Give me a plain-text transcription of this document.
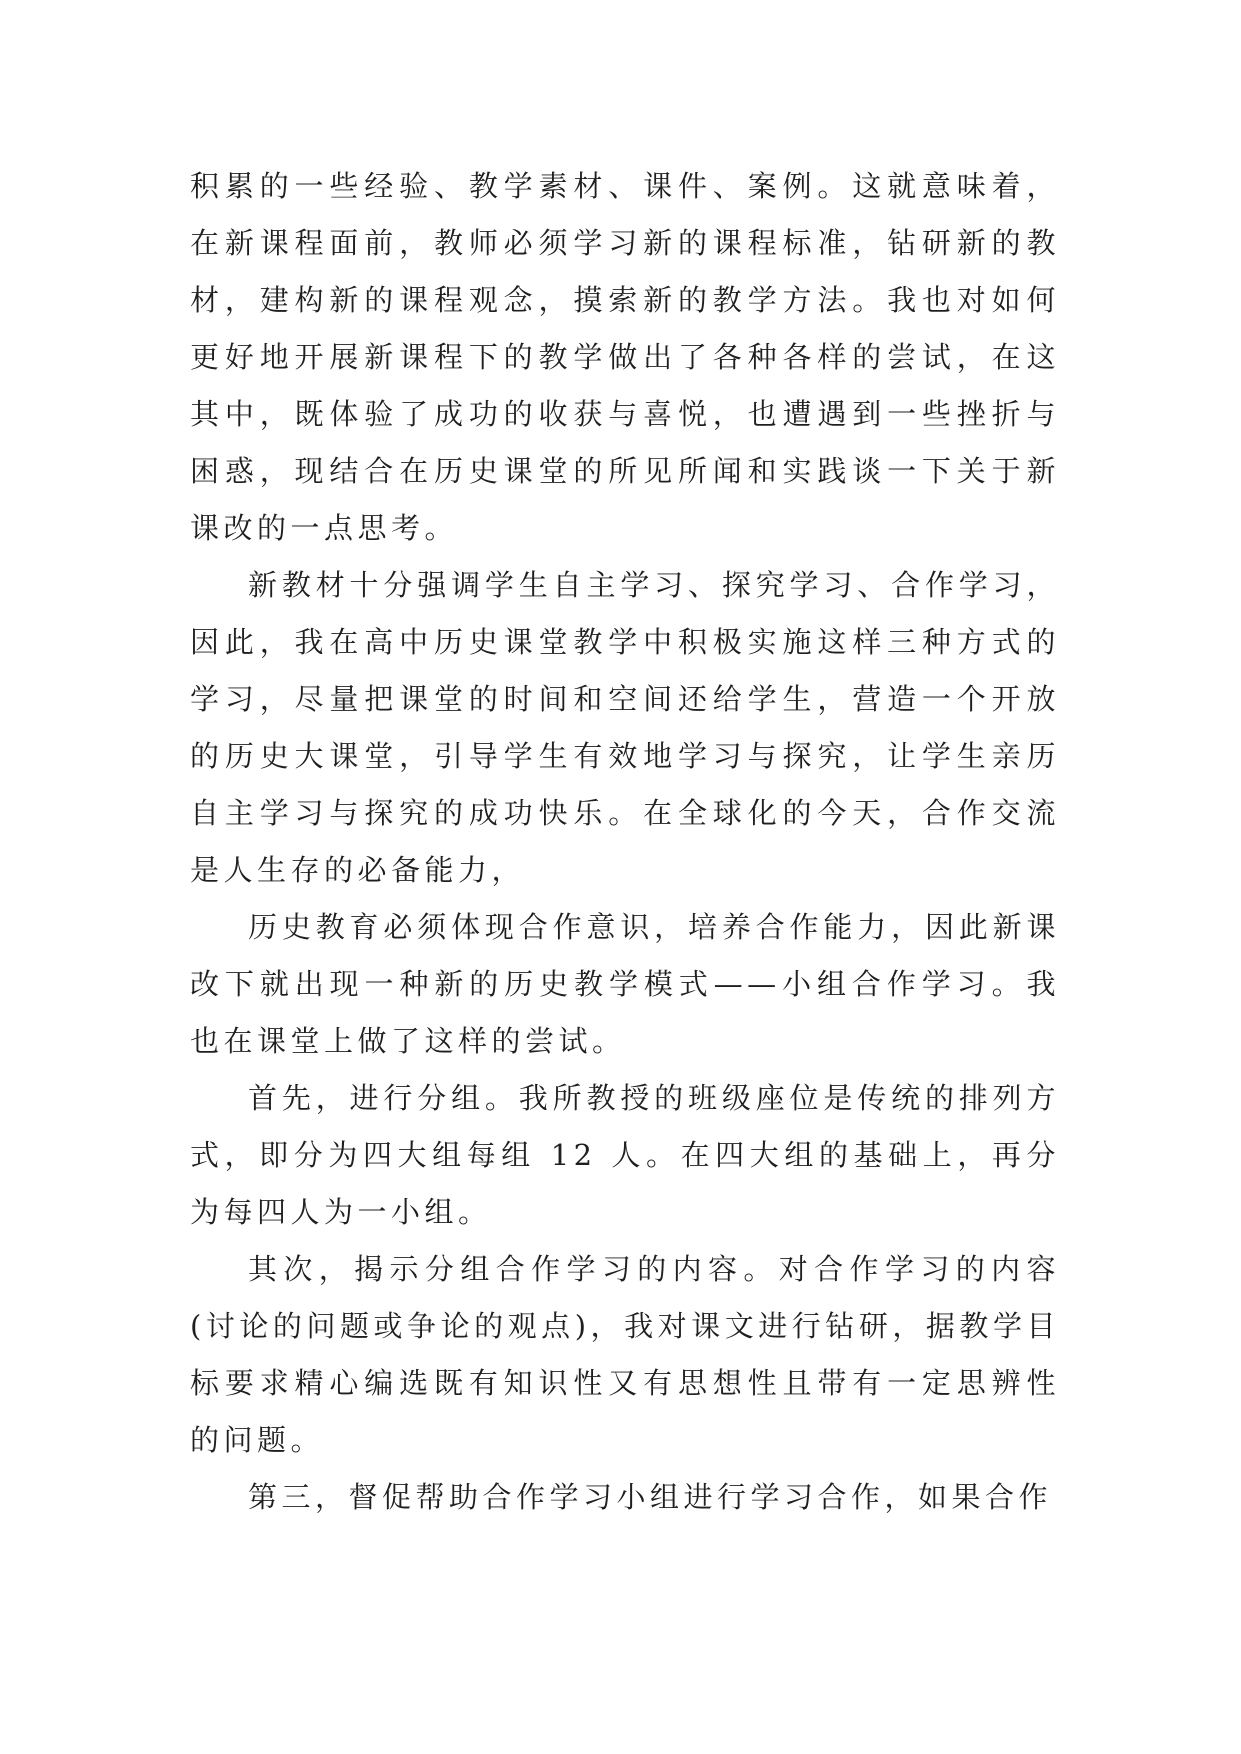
积累的一些经验、教学素材、课件、案例。这就意味着，在新课程面前，教师必须学习新的课程标准，钻研新的教材，建构新的课程观念，摸索新的教学方法。我也对如何更好地开展新课程下的教学做出了各种各样的尝试，在这其中，既体验了成功的收获与喜悦，也遭遇到一些挫折与困惑，现结合在历史课堂的所见所闻和实践谈一下关于新课改的一点思考。

新教材十分强调学生自主学习、探究学习、合作学习，因此，我在高中历史课堂教学中积极实施这样三种方式的学习，尽量把课堂的时间和空间还给学生，营造一个开放的历史大课堂，引导学生有效地学习与探究，让学生亲历自主学习与探究的成功快乐。在全球化的今天，合作交流是人生存的必备能力，

历史教育必须体现合作意识，培养合作能力，因此新课改下就出现一种新的历史教学模式——小组合作学习。我也在课堂上做了这样的尝试。

首先，进行分组。我所教授的班级座位是传统的排列方式，即分为四大组每组 12 人。在四大组的基础上，再分为每四人为一小组。

其次，揭示分组合作学习的内容。对合作学习的内容(讨论的问题或争论的观点)，我对课文进行钻研，据教学目标要求精心编选既有知识性又有思想性且带有一定思辨性的问题。

第三，督促帮助合作学习小组进行学习合作，如果合作
